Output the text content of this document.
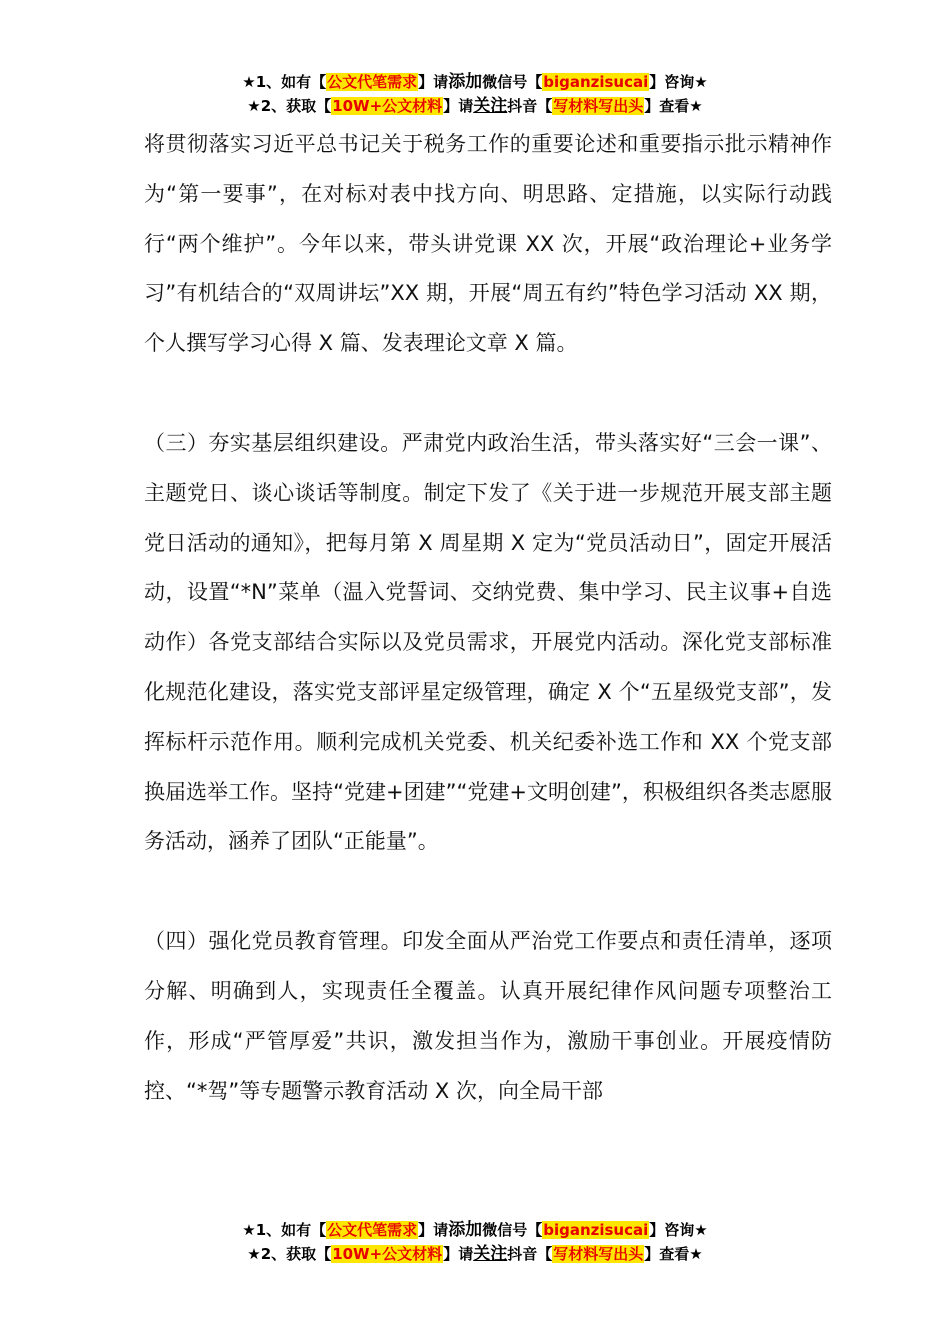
★1、如有【公文代笔需求】请添加微信号【biganzisucai】咨询★
★2、获取【10W+公文材料】请关注抖音【写材料写出头】查看★

将贯彻落实习近平总书记关于税务工作的重要论述和重要指示批示精神作为“第一要事”，在对标对表中找方向、明思路、定措施，以实际行动践行“两个维护”。今年以来，带头讲党课 XX 次，开展“政治理论+业务学习”有机结合的“双周讲坛”XX 期，开展“周五有约”特色学习活动 XX 期，个人撰写学习心得 X 篇、发表理论文章 X 篇。

（三）夯实基层组织建设。严肃党内政治生活，带头落实好“三会一课”、主题党日、谈心谈话等制度。制定下发了《关于进一步规范开展支部主题党日活动的通知》，把每月第 X 周星期 X 定为“党员活动日”，固定开展活动，设置“*N”菜单（温入党誓词、交纳党费、集中学习、民主议事+自选动作）各党支部结合实际以及党员需求，开展党内活动。深化党支部标准化规范化建设，落实党支部评星定级管理，确定 X 个“五星级党支部”，发挥标杆示范作用。顺利完成机关党委、机关纪委补选工作和 XX 个党支部换届选举工作。坚持“党建+团建”“党建+文明创建”，积极组织各类志愿服务活动，涵养了团队“正能量”。

（四）强化党员教育管理。印发全面从严治党工作要点和责任清单，逐项分解、明确到人，实现责任全覆盖。认真开展纪律作风问题专项整治工作，形成“严管厚爱”共识，激发担当作为，激励干事创业。开展疫情防控、“*驾”等专题警示教育活动 X 次，向全局干部

★1、如有【公文代笔需求】请添加微信号【biganzisucai】咨询★
★2、获取【10W+公文材料】请关注抖音【写材料写出头】查看★
